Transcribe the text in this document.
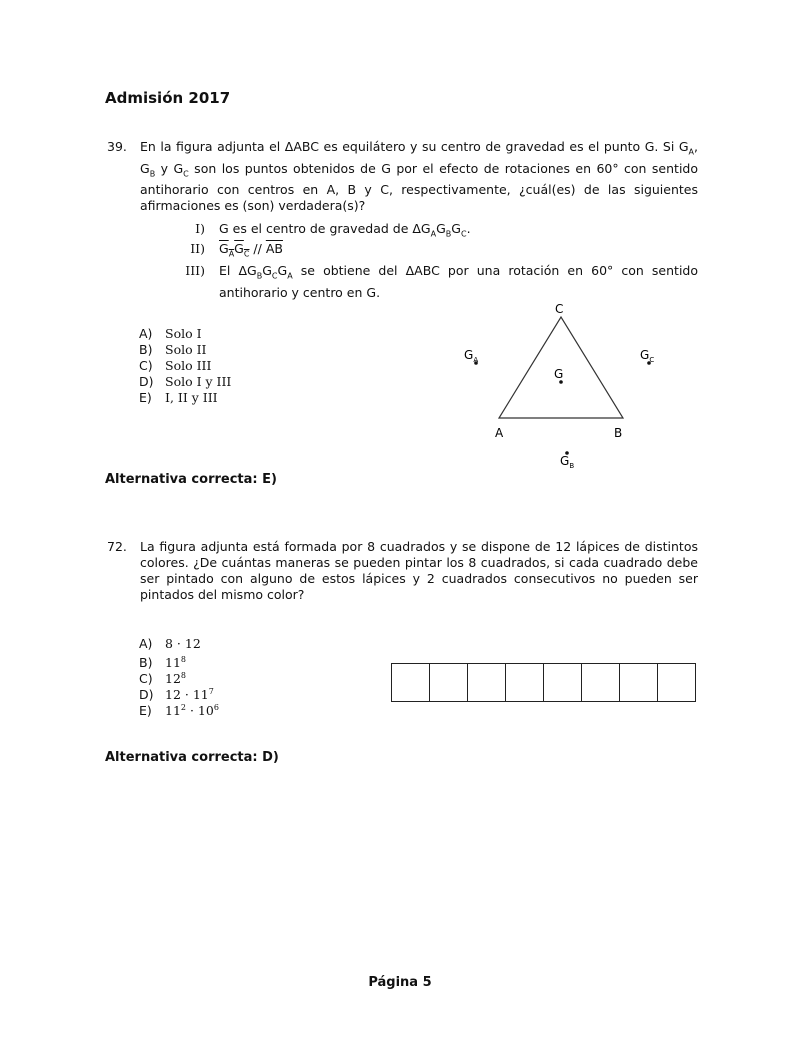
Admisión 2017
39. En la figura adjunta el ΔABC es equilátero y su centro de gravedad es el punto G. Si $G_A$, $G_B$ y $G_C$ son los puntos obtenidos de G por el efecto de rotaciones en 60° con sentido antihorario con centros en A, B y C, respectivamente, ¿cuál(es) de las siguientes afirmaciones es (son) verdadera(s)?
I) G es el centro de gravedad de $\Delta G_AG_BG_C$.
II) $G_AG_C // \overline{AB}$
III) El $\Delta G_BG_CG_A$ se obtiene del ΔABC por una rotación en 60° con sentido antihorario y centro en G.
A) Solo I
B) Solo II
C) Solo III
D) Solo I y III
E) I, II y III
C
A	B
G
$G_A$	$G_C$
$G_B$
Alternativa correcta: E)
72. La figura adjunta está formada por 8 cuadrados y se dispone de 12 lápices de distintos colores. ¿De cuántas maneras se pueden pintar los 8 cuadrados, si cada cuadrado debe ser pintado con alguno de estos lápices y 2 cuadrados consecutivos no pueden ser pintados del mismo color?
A) 8 · 12
B) $11^8$
C) $12^8$
D) $12 \cdot 11^7$
E) $11^2 \cdot 10^6$
Alternativa correcta: D)
Página 5
